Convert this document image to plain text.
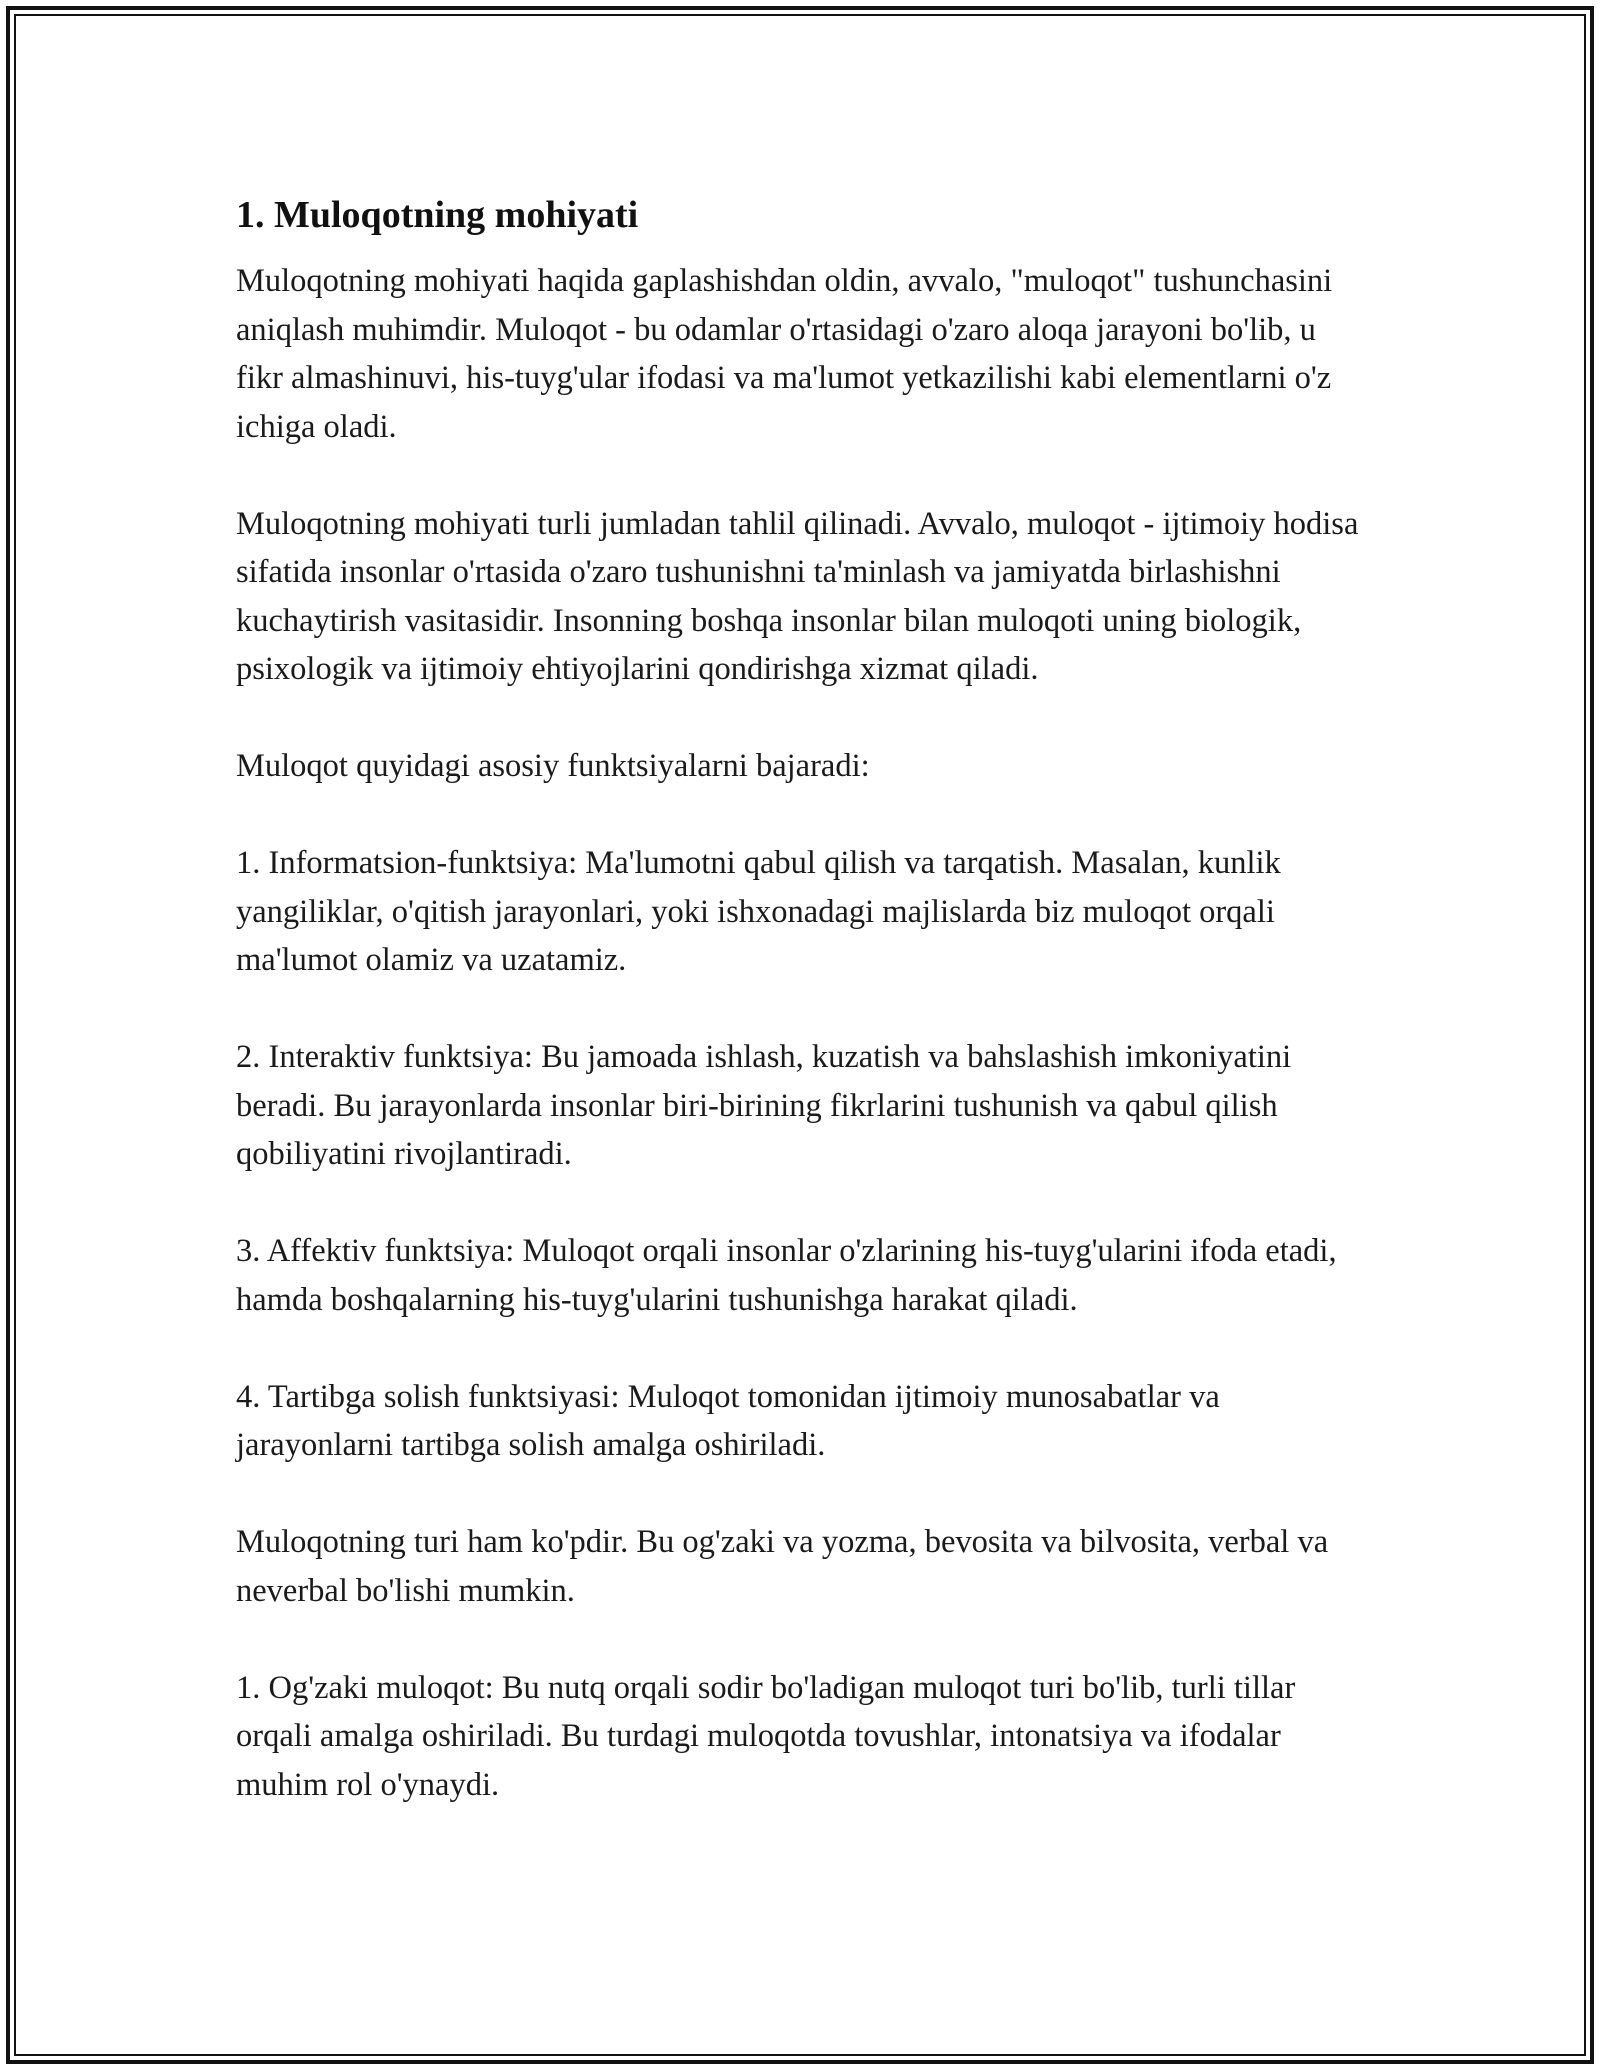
1. Muloqotning mohiyati

Muloqotning mohiyati haqida gaplashishdan oldin, avvalo, "muloqot" tushunchasini aniqlash muhimdir. Muloqot - bu odamlar o'rtasidagi o'zaro aloqa jarayoni bo'lib, u fikr almashinuvi, his-tuyg'ular ifodasi va ma'lumot yetkazilishi kabi elementlarni o'z ichiga oladi.

Muloqotning mohiyati turli jumladan tahlil qilinadi. Avvalo, muloqot - ijtimoiy hodisa sifatida insonlar o'rtasida o'zaro tushunishni ta'minlash va jamiyatda birlashishni kuchaytirish vasitasidir. Insonning boshqa insonlar bilan muloqoti uning biologik, psixologik va ijtimoiy ehtiyojlarini qondirishga xizmat qiladi.

Muloqot quyidagi asosiy funktsiyalarni bajaradi:

1. Informatsion-funktsiya: Ma'lumotni qabul qilish va tarqatish. Masalan, kunlik yangiliklar, o'qitish jarayonlari, yoki ishxonadagi majlislarda biz muloqot orqali ma'lumot olamiz va uzatamiz.

2. Interaktiv funktsiya: Bu jamoada ishlash, kuzatish va bahslashish imkoniyatini beradi. Bu jarayonlarda insonlar biri-birining fikrlarini tushunish va qabul qilish qobiliyatini rivojlantiradi.

3. Affektiv funktsiya: Muloqot orqali insonlar o'zlarining his-tuyg'ularini ifoda etadi, hamda boshqalarning his-tuyg'ularini tushunishga harakat qiladi.

4. Tartibga solish funktsiyasi: Muloqot tomonidan ijtimoiy munosabatlar va jarayonlarni tartibga solish amalga oshiriladi.

Muloqotning turi ham ko'pdir. Bu og'zaki va yozma, bevosita va bilvosita, verbal va neverbal bo'lishi mumkin.

1. Og'zaki muloqot: Bu nutq orqali sodir bo'ladigan muloqot turi bo'lib, turli tillar orqali amalga oshiriladi. Bu turdagi muloqotda tovushlar, intonatsiya va ifodalar muhim rol o'ynaydi.
